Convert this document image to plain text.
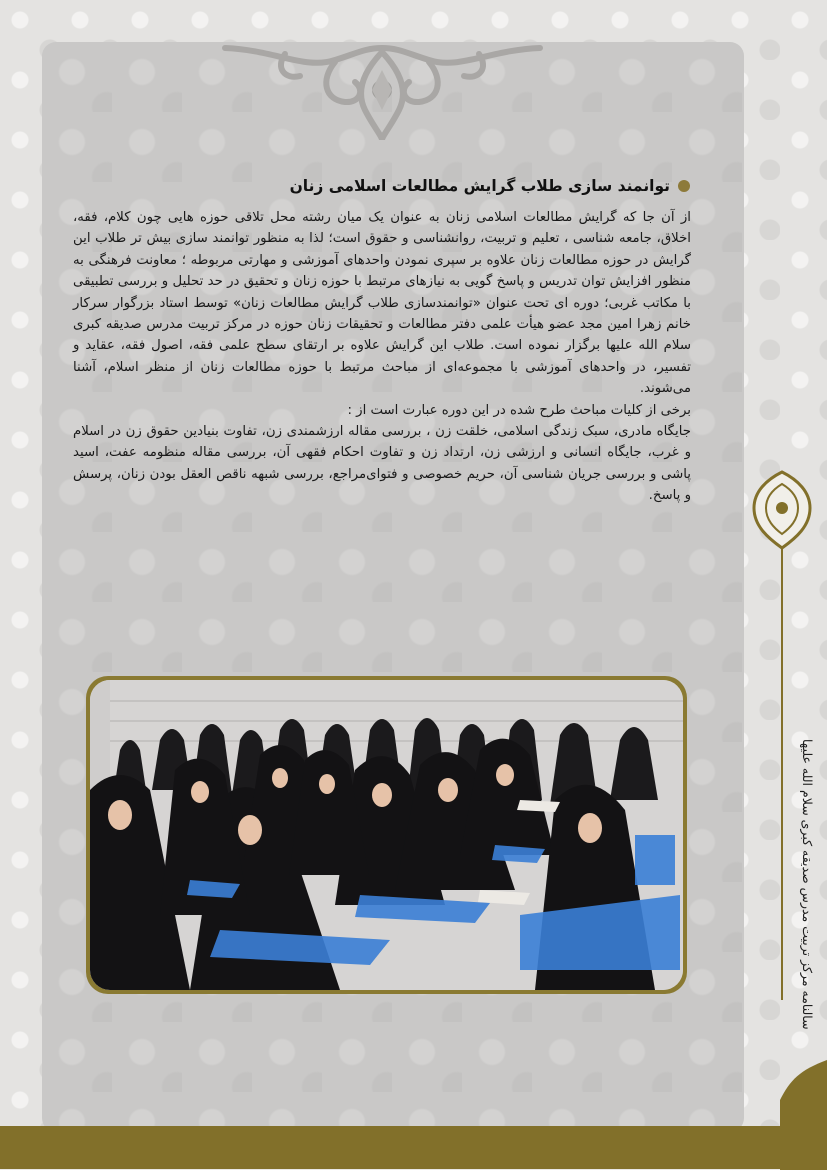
توانمند سازی طلاب گرایش مطالعات اسلامی زنان

از آن جا که گرایش مطالعات اسلامی زنان به عنوان یک میان رشته محل تلاقی حوزه هایی چون کلام، فقه، اخلاق، جامعه شناسی ، تعلیم و تربیت، روانشناسی و حقوق است؛ لذا به منظور توانمند سازی بیش تر طلاب این گرایش در حوزه مطالعات زنان علاوه بر سپری نمودن واحدهای آموزشی و مهارتی مربوطه ؛ معاونت فرهنگی به منظور افزایش توان تدریس و پاسخ گویی به نیازهای مرتبط با حوزه زنان و تحقیق در حد تحلیل و بررسی تطبیقی با مکاتب غربی؛ دوره ای تحت عنوان «توانمندسازی طلاب گرایش مطالعات زنان» توسط استاد بزرگوار سرکار خانم زهرا امین مجد عضو هیأت علمی دفتر مطالعات و تحقیقات زنان حوزه در مرکز تربیت مدرس صدیقه کبری سلام الله علیها برگزار نموده است. طلاب این گرایش علاوه بر ارتقای سطح علمی فقه، اصول فقه، عقاید و تفسیر، در واحدهای آموزشی با مجموعه‌ای از مباحث مرتبط با حوزه مطالعات زنان از منظر اسلام، آشنا می‌شوند.

برخی از کلیات مباحث طرح شده در این دوره عبارت است از :

جایگاه مادری، سبک زندگی اسلامی، خلقت زن ، بررسی مقاله ارزشمندی زن، تفاوت بنیادین حقوق زن در اسلام و غرب، جایگاه انسانی و ارزشی زن، ارتداد زن و تفاوت احکام فقهی آن، بررسی مقاله منظومه عفت، اسید پاشی و بررسی جریان شناسی آن، حریم خصوصی و فتوای‌مراجع، بررسی شبهه ناقص العقل بودن زنان، پرسش و پاسخ.

سالنامه مرکز تربیت مدرس صدیقه کبری سلام الله علیها
